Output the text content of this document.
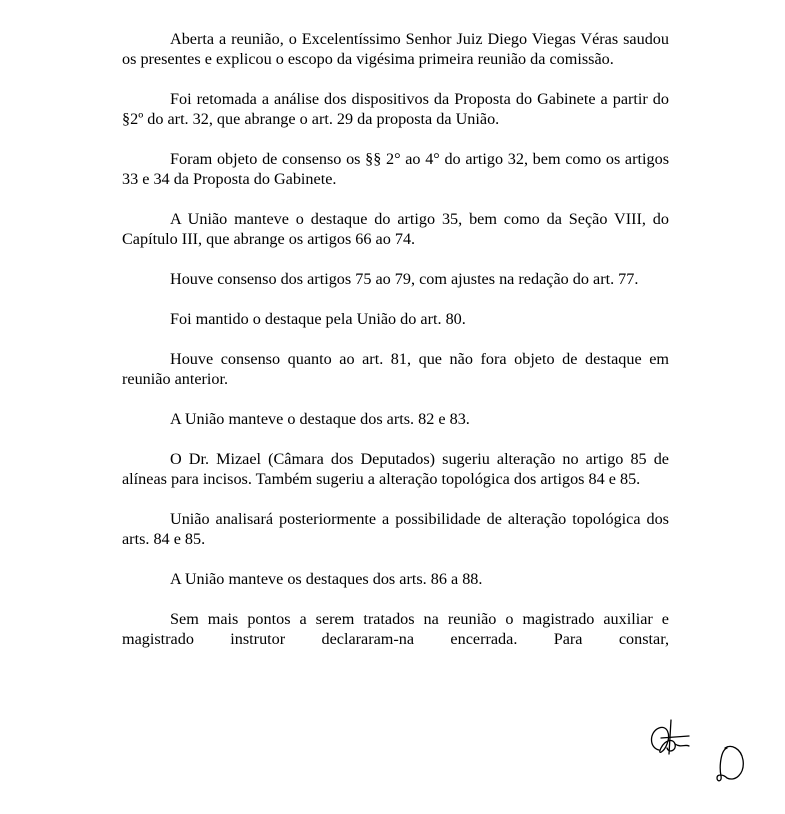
Aberta a reunião, o Excelentíssimo Senhor Juiz Diego Viegas Véras saudou os presentes e explicou o escopo da vigésima primeira reunião da comissão.

Foi retomada a análise dos dispositivos da Proposta do Gabinete a partir do §2º do art. 32, que abrange o art. 29 da proposta da União.

Foram objeto de consenso os §§ 2° ao 4° do artigo 32, bem como os artigos 33 e 34 da Proposta do Gabinete.

A União manteve o destaque do artigo 35, bem como da Seção VIII, do Capítulo III, que abrange os artigos 66 ao 74.

Houve consenso dos artigos 75 ao 79, com ajustes na redação do art. 77.

Foi mantido o destaque pela União do art. 80.

Houve consenso quanto ao art. 81, que não fora objeto de destaque em reunião anterior.

A União manteve o destaque dos arts. 82 e 83.

O Dr. Mizael (Câmara dos Deputados) sugeriu alteração no artigo 85 de alíneas para incisos. Também sugeriu a alteração topológica dos artigos 84 e 85.

União analisará posteriormente a possibilidade de alteração topológica dos arts. 84 e 85.

A União manteve os destaques dos arts. 86 a 88.

Sem mais pontos a serem tratados na reunião o magistrado auxiliar e magistrado instrutor declararam-na encerrada. Para constar,
